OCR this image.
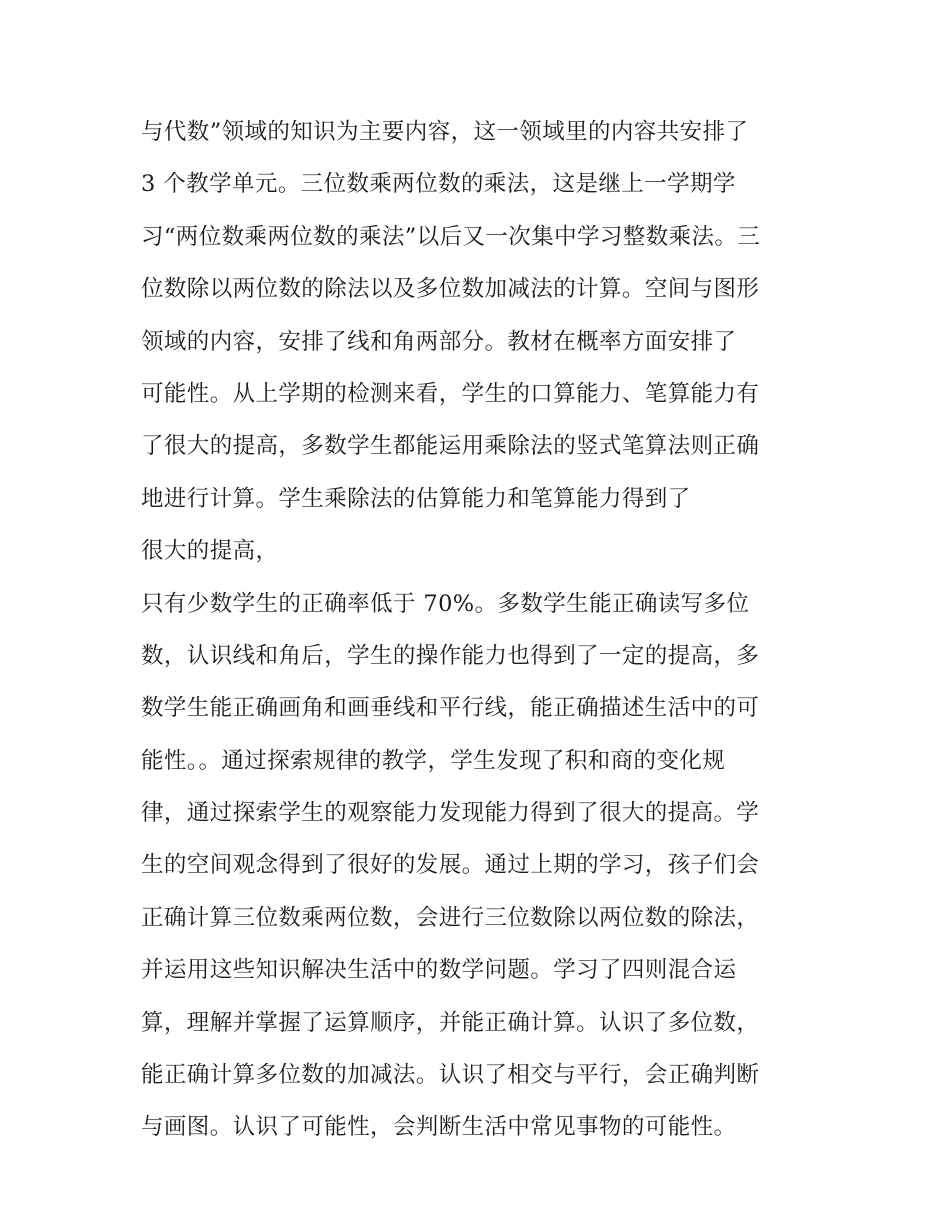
与代数”领域的知识为主要内容，这一领域里的内容共安排了
3 个教学单元。三位数乘两位数的乘法，这是继上一学期学
习“两位数乘两位数的乘法”以后又一次集中学习整数乘法。三
位数除以两位数的除法以及多位数加减法的计算。空间与图形
领域的内容，安排了线和角两部分。教材在概率方面安排了
可能性。从上学期的检测来看，学生的口算能力、笔算能力有
了很大的提高，多数学生都能运用乘除法的竖式笔算法则正确
地进行计算。学生乘除法的估算能力和笔算能力得到了
很大的提高，
只有少数学生的正确率低于 70%。多数学生能正确读写多位
数，认识线和角后，学生的操作能力也得到了一定的提高，多
数学生能正确画角和画垂线和平行线，能正确描述生活中的可
能性。。通过探索规律的教学，学生发现了积和商的变化规
律，通过探索学生的观察能力发现能力得到了很大的提高。学
生的空间观念得到了很好的发展。通过上期的学习，孩子们会
正确计算三位数乘两位数，会进行三位数除以两位数的除法，
并运用这些知识解决生活中的数学问题。学习了四则混合运
算，理解并掌握了运算顺序，并能正确计算。认识了多位数，
能正确计算多位数的加减法。认识了相交与平行，会正确判断
与画图。认识了可能性，会判断生活中常见事物的可能性。
